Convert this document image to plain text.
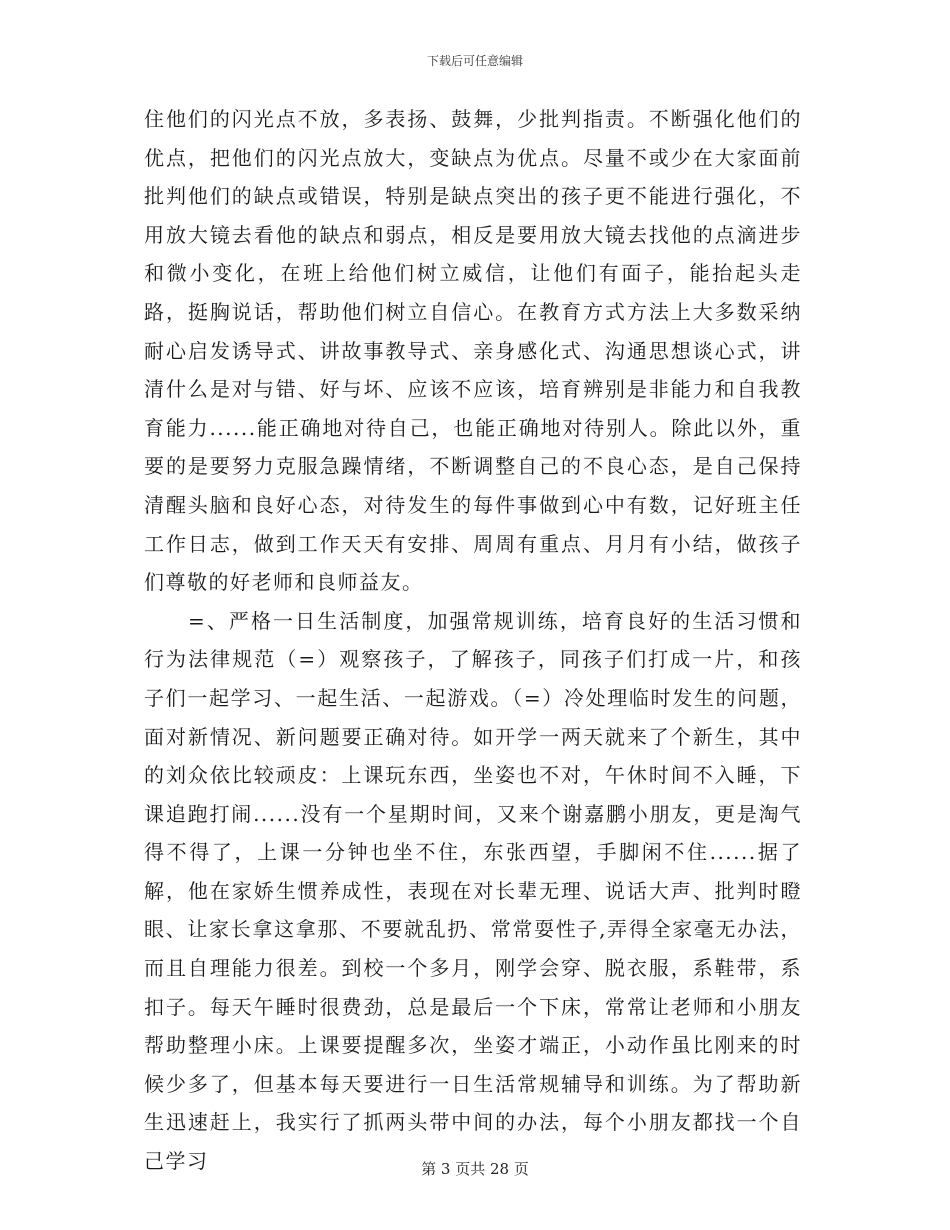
下载后可任意编辑

住他们的闪光点不放，多表扬、鼓舞，少批判指责。不断强化他们的优点，把他们的闪光点放大，变缺点为优点。尽量不或少在大家面前批判他们的缺点或错误，特别是缺点突出的孩子更不能进行强化，不用放大镜去看他的缺点和弱点，相反是要用放大镜去找他的点滴进步和微小变化，在班上给他们树立威信，让他们有面子，能抬起头走路，挺胸说话，帮助他们树立自信心。在教育方式方法上大多数采纳耐心启发诱导式、讲故事教导式、亲身感化式、沟通思想谈心式，讲清什么是对与错、好与坏、应该不应该，培育辨别是非能力和自我教育能力......能正确地对待自己，也能正确地对待别人。除此以外，重要的是要努力克服急躁情绪，不断调整自己的不良心态，是自己保持清醒头脑和良好心态，对待发生的每件事做到心中有数，记好班主任工作日志，做到工作天天有安排、周周有重点、月月有小结，做孩子们尊敬的好老师和良师益友。

=、严格一日生活制度，加强常规训练，培育良好的生活习惯和行为法律规范（=）观察孩子，了解孩子，同孩子们打成一片，和孩子们一起学习、一起生活、一起游戏。（=）冷处理临时发生的问题，面对新情况、新问题要正确对待。如开学一两天就来了个新生，其中的刘众依比较顽皮：上课玩东西，坐姿也不对，午休时间不入睡，下课追跑打闹......没有一个星期时间，又来个谢嘉鹏小朋友，更是淘气得不得了，上课一分钟也坐不住，东张西望，手脚闲不住......据了解，他在家娇生惯养成性，表现在对长辈无理、说话大声、批判时瞪眼、让家长拿这拿那、不要就乱扔、常常耍性子,弄得全家毫无办法，而且自理能力很差。到校一个多月，刚学会穿、脱衣服，系鞋带，系扣子。每天午睡时很费劲，总是最后一个下床，常常让老师和小朋友帮助整理小床。上课要提醒多次，坐姿才端正，小动作虽比刚来的时候少多了，但基本每天要进行一日生活常规辅导和训练。为了帮助新生迅速赶上，我实行了抓两头带中间的办法，每个小朋友都找一个自己学习	第 3 页共 28 页
